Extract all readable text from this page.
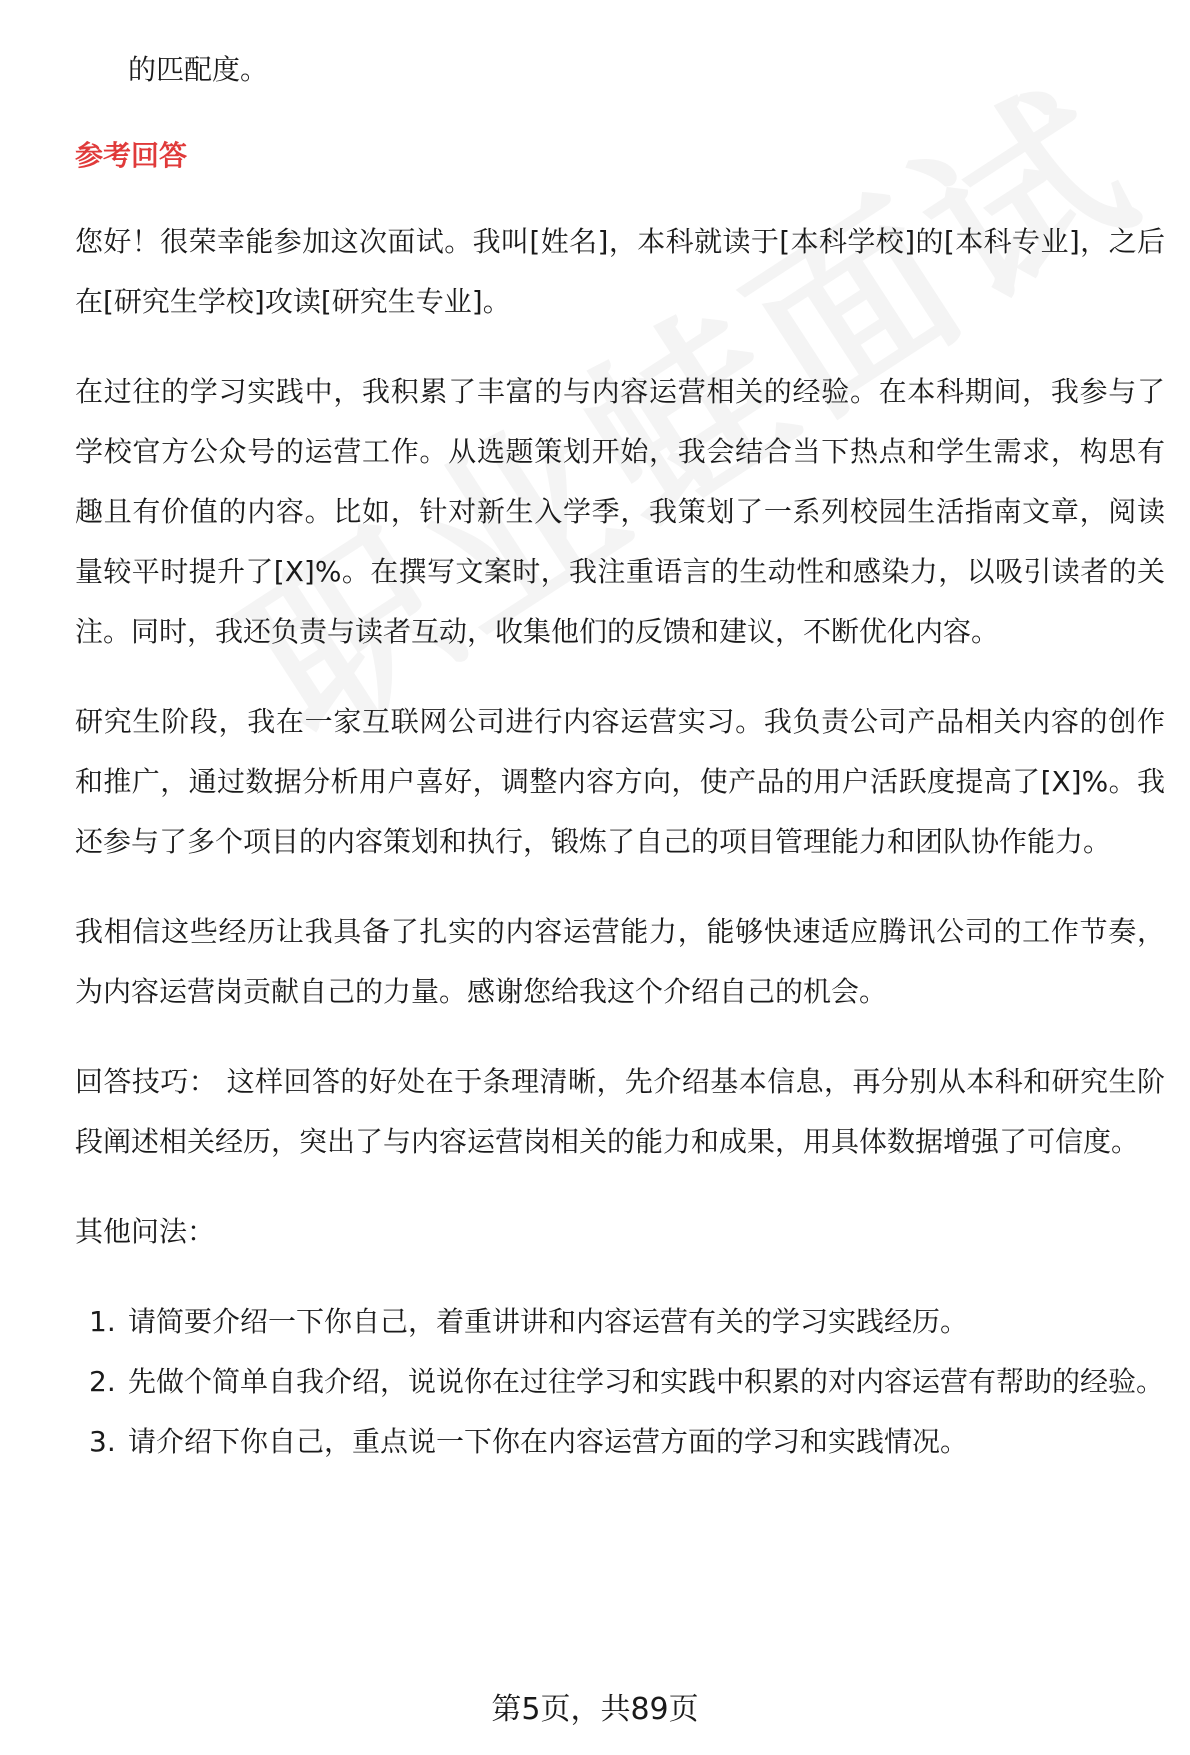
的匹配度。

参考回答

您好！很荣幸能参加这次面试。我叫[姓名]，本科就读于[本科学校]的[本科专业]，之后在[研究生学校]攻读[研究生专业]。

在过往的学习实践中，我积累了丰富的与内容运营相关的经验。在本科期间，我参与了学校官方公众号的运营工作。从选题策划开始，我会结合当下热点和学生需求，构思有趣且有价值的内容。比如，针对新生入学季，我策划了一系列校园生活指南文章，阅读量较平时提升了[X]%。在撰写文案时，我注重语言的生动性和感染力，以吸引读者的关注。同时，我还负责与读者互动，收集他们的反馈和建议，不断优化内容。

研究生阶段，我在一家互联网公司进行内容运营实习。我负责公司产品相关内容的创作和推广，通过数据分析用户喜好，调整内容方向，使产品的用户活跃度提高了[X]%。我还参与了多个项目的内容策划和执行，锻炼了自己的项目管理能力和团队协作能力。

我相信这些经历让我具备了扎实的内容运营能力，能够快速适应腾讯公司的工作节奏，为内容运营岗贡献自己的力量。感谢您给我这个介绍自己的机会。

回答技巧： 这样回答的好处在于条理清晰，先介绍基本信息，再分别从本科和研究生阶段阐述相关经历，突出了与内容运营岗相关的能力和成果，用具体数据增强了可信度。

其他问法：

1. 请简要介绍一下你自己，着重讲讲和内容运营有关的学习实践经历。
2. 先做个简单自我介绍，说说你在过往学习和实践中积累的对内容运营有帮助的经验。
3. 请介绍下你自己，重点说一下你在内容运营方面的学习和实践情况。
第5页，共89页
